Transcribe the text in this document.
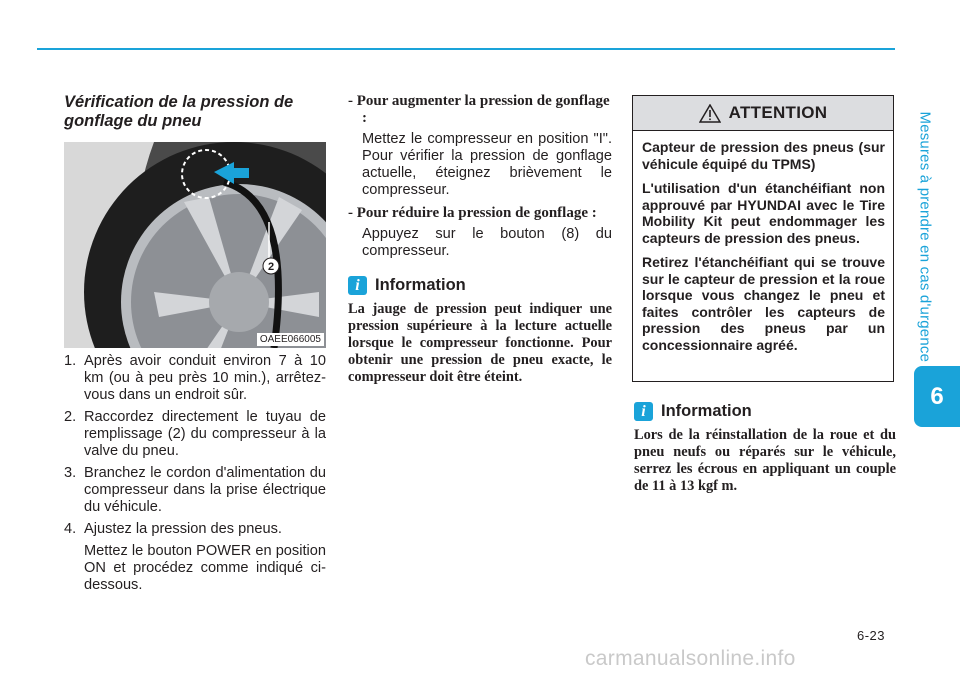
Mesures à prendre en cas d'urgence
6
Vérification de la pression de gonflage du pneu
2
OAEE066005
1. Après avoir conduit environ 7 à 10 km (ou à peu près 10 min.), arrêtez-vous dans un endroit sûr.
2. Raccordez directement le tuyau de remplissage (2) du compresseur à la valve du pneu.
3. Branchez le cordon d'alimentation du compresseur dans la prise électrique du véhicule.
4. Ajustez la pression des pneus.
Mettez le bouton POWER en position ON et procédez comme indiqué ci-dessous.
- Pour augmenter la pression de gonflage :
Mettez le compresseur en position "I". Pour vérifier la pression de gonflage actuelle, éteignez brièvement le compresseur.
- Pour réduire la pression de gonflage :
Appuyez sur le bouton (8) du compresseur.
i Information
La jauge de pression peut indiquer une pression supérieure à la lecture actuelle lorsque le compresseur fonctionne. Pour obtenir une pression de pneu exacte, le compresseur doit être éteint.
ATTENTION

Capteur de pression des pneus (sur véhicule équipé du TPMS)

L'utilisation d'un étanchéifiant non approuvé par HYUNDAI avec le Tire Mobility Kit peut endommager les capteurs de pression des pneus.

Retirez l'étanchéifiant qui se trouve sur le capteur de pression et la roue lorsque vous changez le pneu et faites contrôler les capteurs de pression des pneus par un concessionnaire agréé.

i Information
Lors de la réinstallation de la roue et du pneu neufs ou réparés sur le véhicule, serrez les écrous en appliquant un couple de 11 à 13 kgf m.
6-23
carmanualsonline.info
